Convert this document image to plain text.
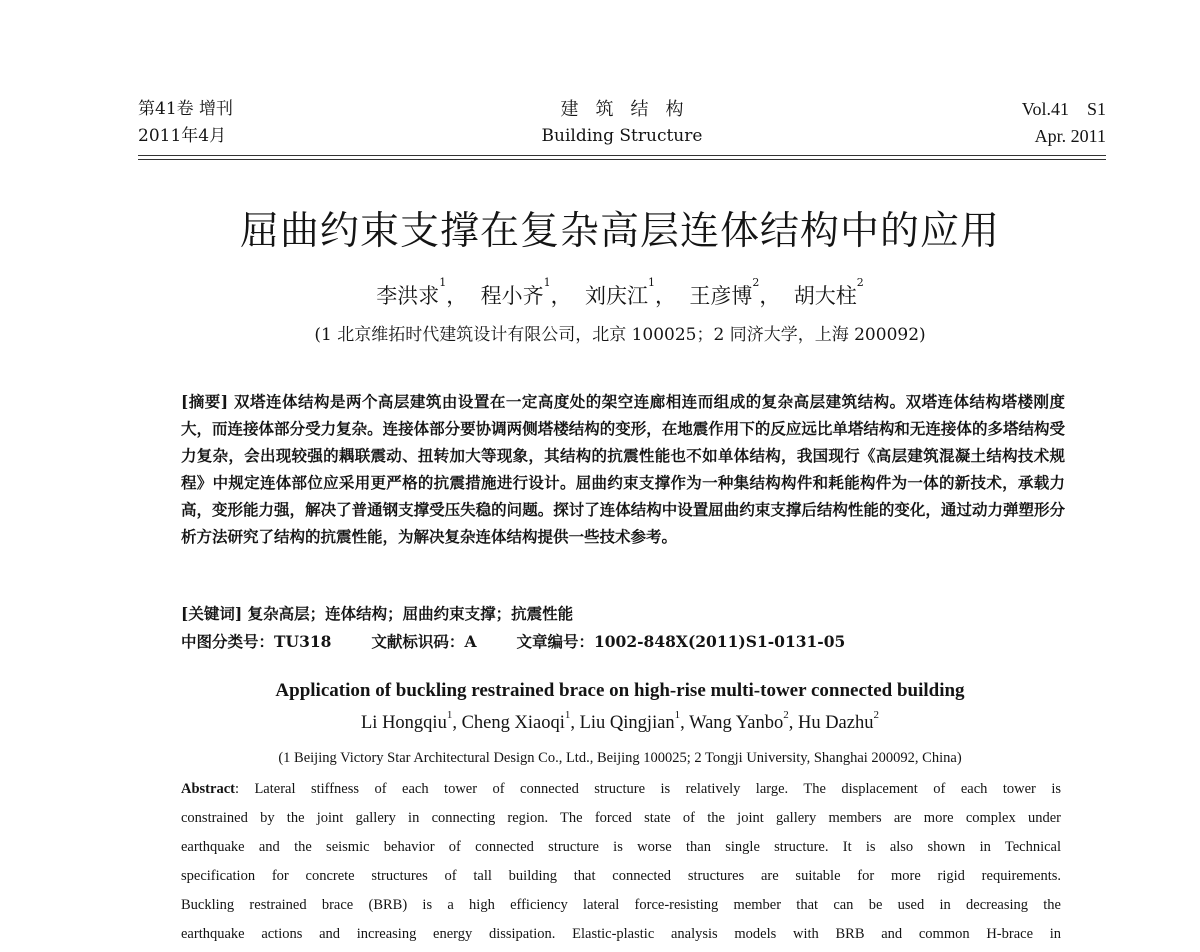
第41卷 增刊
2011年4月
建筑结构
Building Structure
Vol.41    S1
Apr. 2011
屈曲约束支撑在复杂高层连体结构中的应用
李洪求$^1$，  程小齐$^1$，  刘庆江$^1$，  王彦博$^2$，  胡大柱$^2$
(1 北京维拓时代建筑设计有限公司，北京 100025；2 同济大学，上海 200092)
[摘要] 双塔连体结构是两个高层建筑由设置在一定高度处的架空连廊相连而组成的复杂高层建筑结构。双塔连体结构塔楼刚度大，而连接体部分受力复杂。连接体部分要协调两侧塔楼结构的变形，在地震作用下的反应远比单塔结构和无连接体的多塔结构受力复杂，会出现较强的耦联震动、扭转加大等现象，其结构的抗震性能也不如单体结构，我国现行《高层建筑混凝土结构技术规程》中规定连体部位应采用更严格的抗震措施进行设计。屈曲约束支撑作为一种集结构构件和耗能构件为一体的新技术，承载力高，变形能力强，解决了普通钢支撑受压失稳的问题。探讨了连体结构中设置屈曲约束支撑后结构性能的变化，通过动力弹塑形分析方法研究了结构的抗震性能，为解决复杂连体结构提供一些技术参考。
[关键词] 复杂高层；连体结构；屈曲约束支撑；抗震性能
中图分类号：TU318	文献标识码：A	文章编号：1002-848X(2011)S1-0131-05
Application of buckling restrained brace on high-rise multi-tower connected building
Li Hongqiu$^1$, Cheng Xiaoqi$^1$, Liu Qingjian$^1$, Wang Yanbo$^2$, Hu Dazhu$^2$
(1 Beijing Victory Star Architectural Design Co., Ltd., Beijing 100025; 2 Tongji University, Shanghai 200092, China)
Abstract: Lateral stiffness of each tower of connected structure is relatively large. The displacement of each tower is
constrained by the joint gallery in connecting region. The forced state of the joint gallery members are more complex under
earthquake and the seismic behavior of connected structure is worse than single structure. It is also shown in Technical
specification for concrete structures of tall building that connected structures are suitable for more rigid requirements.
Buckling restrained brace (BRB) is a high efficiency lateral force-resisting member that can be used in decreasing the
earthquake actions and increasing energy dissipation. Elastic-plastic analysis models with BRB and common H-brace in
